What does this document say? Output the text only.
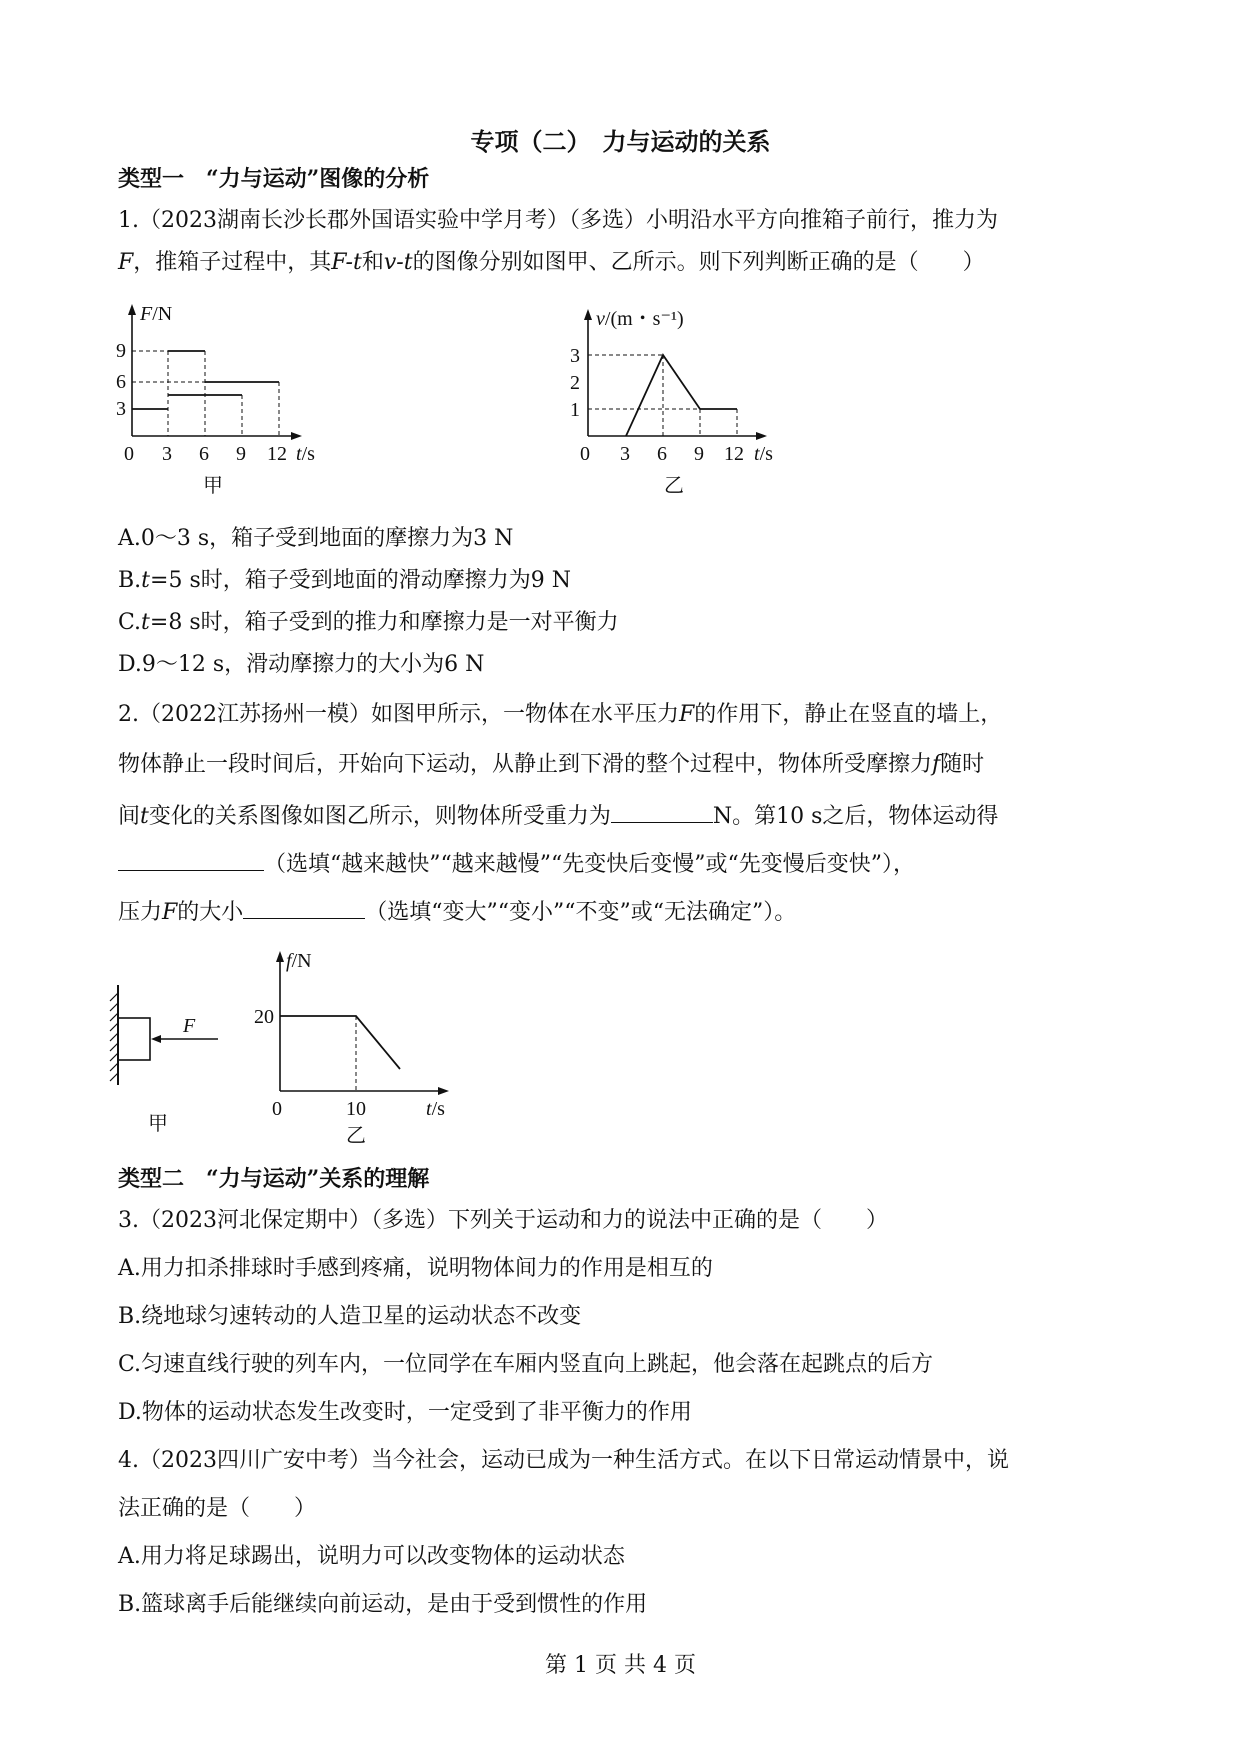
专项（二）　力与运动的关系
类型一　“力与运动”图像的分析
1.（2023湖南长沙长郡外国语实验中学月考）（多选）小明沿水平方向推箱子前行，推力为
F，推箱子过程中，其F-t和v-t的图像分别如图甲、乙所示。则下列判断正确的是（　　）
9
6
3
0 3 6 9 12
F/N
t/s
甲
3
2
1
0 3 6 9 12
v/(m・s⁻¹)
t/s
乙
A.0～3 s，箱子受到地面的摩擦力为3 N
B.t=5 s时，箱子受到地面的滑动摩擦力为9 N
C.t=8 s时，箱子受到的推力和摩擦力是一对平衡力
D.9～12 s，滑动摩擦力的大小为6 N
2.（2022江苏扬州一模）如图甲所示，一物体在水平压力F的作用下，静止在竖直的墙上，
物体静止一段时间后，开始向下运动，从静止到下滑的整个过程中，物体所受摩擦力f随时
间t变化的关系图像如图乙所示，则物体所受重力为	N。第10 s之后，物体运动得
（选填“越来越快”“越来越慢”“先变快后变慢”或“先变慢后变快”），
压力F的大小	（选填“变大”“变小”“不变”或“无法确定”）。
F
甲
20
0	10
f/N
t/s
乙
类型二　“力与运动”关系的理解
3.（2023河北保定期中）（多选）下列关于运动和力的说法中正确的是（　　）
A.用力扣杀排球时手感到疼痛，说明物体间力的作用是相互的
B.绕地球匀速转动的人造卫星的运动状态不改变
C.匀速直线行驶的列车内，一位同学在车厢内竖直向上跳起，他会落在起跳点的后方
D.物体的运动状态发生改变时，一定受到了非平衡力的作用
4.（2023四川广安中考）当今社会，运动已成为一种生活方式。在以下日常运动情景中，说
法正确的是（　　）
A.用力将足球踢出，说明力可以改变物体的运动状态
B.篮球离手后能继续向前运动，是由于受到惯性的作用
第 1 页 共 4 页
